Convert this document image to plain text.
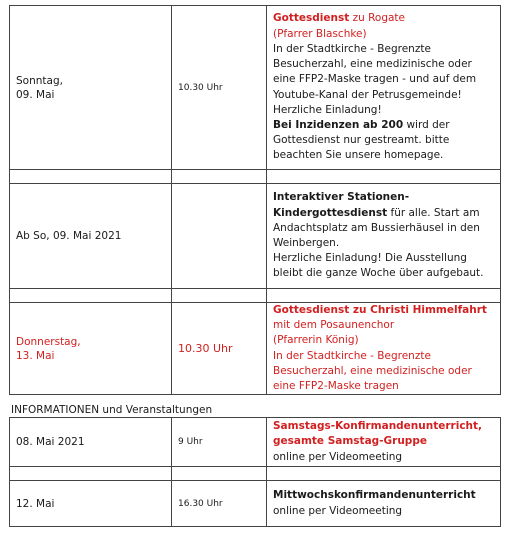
Sonntag,
09. Mai
10.30 Uhr
Gottesdienst zu Rogate
(Pfarrer Blaschke)
In der Stadtkirche - Begrenzte
Besucherzahl, eine medizinische oder
eine FFP2-Maske tragen - und auf dem
Youtube-Kanal der Petrusgemeinde!
Herzliche Einladung!
Bei Inzidenzen ab 200 wird der
Gottesdienst nur gestreamt. bitte
beachten Sie unsere homepage.
Ab So, 09. Mai 2021
Interaktiver Stationen-
Kindergottesdienst für alle. Start am
Andachtsplatz am Bussierhäusel in den
Weinbergen.
Herzliche Einladung! Die Ausstellung
bleibt die ganze Woche über aufgebaut.
Donnerstag,
13. Mai
10.30 Uhr
Gottesdienst zu Christi Himmelfahrt
mit dem Posaunenchor
(Pfarrerin König)
In der Stadtkirche - Begrenzte
Besucherzahl, eine medizinische oder
eine FFP2-Maske tragen
INFORMATIONEN und Veranstaltungen
08. Mai 2021	9 Uhr
Samstags-Konfirmandenunterricht,
gesamte Samstag-Gruppe
online per Videomeeting
12. Mai	16.30 Uhr
Mittwochskonfirmandenunterricht
online per Videomeeting
